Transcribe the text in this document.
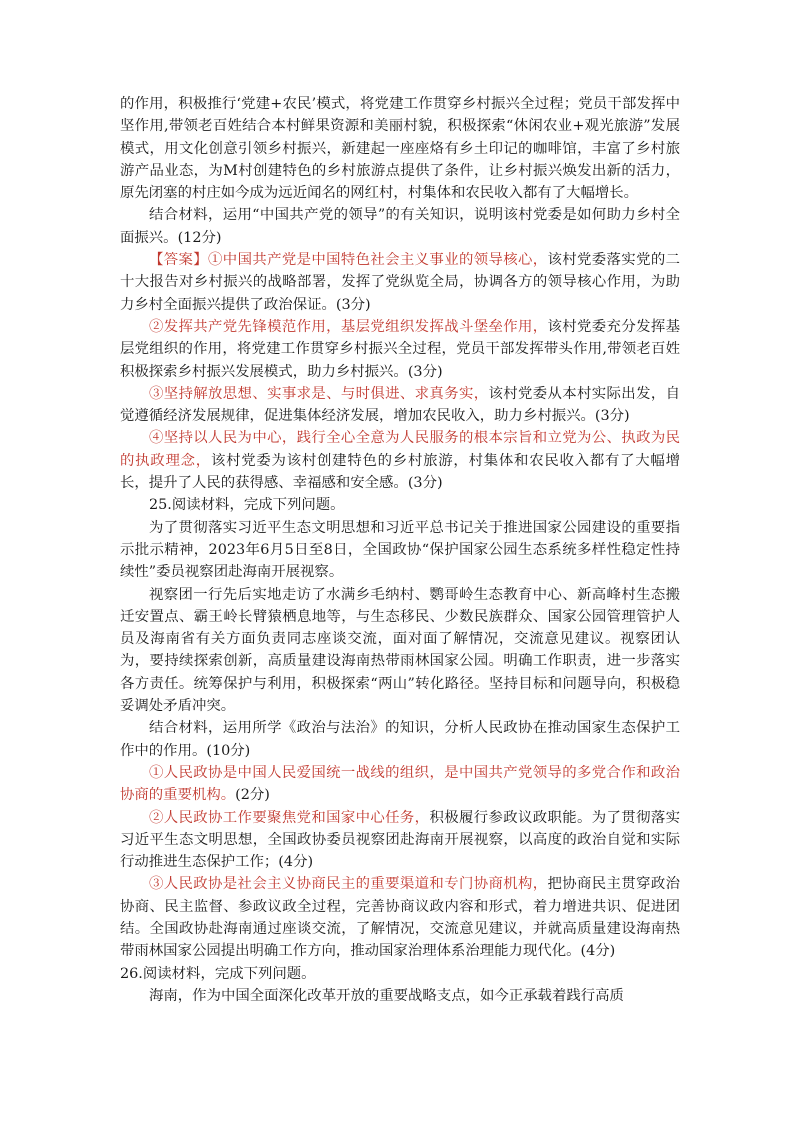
的作用，积极推行‘党建+农民’模式，将党建工作贯穿乡村振兴全过程；党员干部发挥中坚作用,带领老百姓结合本村鲜果资源和美丽村貌，积极探索“休闲农业+观光旅游”发展模式，用文化创意引领乡村振兴，新建起一座座烙有乡土印记的咖啡馆，丰富了乡村旅游产品业态，为M村创建特色的乡村旅游点提供了条件，让乡村振兴焕发出新的活力，原先闭塞的村庄如今成为远近闻名的网红村，村集体和农民收入都有了大幅增长。

结合材料，运用“中国共产党的领导”的有关知识，说明该村党委是如何助力乡村全面振兴。(12分)

【答案】①中国共产党是中国特色社会主义事业的领导核心，该村党委落实党的二十大报告对乡村振兴的战略部署，发挥了党纵览全局，协调各方的领导核心作用，为助力乡村全面振兴提供了政治保证。(3分)

②发挥共产党先锋模范作用，基层党组织发挥战斗堡垒作用，该村党委充分发挥基层党组织的作用，将党建工作贯穿乡村振兴全过程，党员干部发挥带头作用,带领老百姓积极探索乡村振兴发展模式，助力乡村振兴。(3分)

③坚持解放思想、实事求是、与时俱进、求真务实，该村党委从本村实际出发，自觉遵循经济发展规律，促进集体经济发展，增加农民收入，助力乡村振兴。(3分)

④坚持以人民为中心，践行全心全意为人民服务的根本宗旨和立党为公、执政为民的执政理念，该村党委为该村创建特色的乡村旅游，村集体和农民收入都有了大幅增长，提升了人民的获得感、幸福感和安全感。(3分)

25.阅读材料，完成下列问题。

为了贯彻落实习近平生态文明思想和习近平总书记关于推进国家公园建设的重要指示批示精神，2023年6月5日至8日，全国政协“保护国家公园生态系统多样性稳定性持续性”委员视察团赴海南开展视察。

视察团一行先后实地走访了水满乡毛纳村、鹦哥岭生态教育中心、新高峰村生态搬迁安置点、霸王岭长臂猿栖息地等，与生态移民、少数民族群众、国家公园管理管护人员及海南省有关方面负责同志座谈交流，面对面了解情况，交流意见建议。视察团认为，要持续探索创新，高质量建设海南热带雨林国家公园。明确工作职责，进一步落实各方责任。统筹保护与利用，积极探索“两山”转化路径。坚持目标和问题导向，积极稳妥调处矛盾冲突。

结合材料，运用所学《政治与法治》的知识，分析人民政协在推动国家生态保护工作中的作用。(10分)

①人民政协是中国人民爱国统一战线的组织，是中国共产党领导的多党合作和政治协商的重要机构。(2分)

②人民政协工作要聚焦党和国家中心任务，积极履行参政议政职能。为了贯彻落实习近平生态文明思想，全国政协委员视察团赴海南开展视察，以高度的政治自觉和实际行动推进生态保护工作；(4分)

③人民政协是社会主义协商民主的重要渠道和专门协商机构，把协商民主贯穿政治协商、民主监督、参政议政全过程，完善协商议政内容和形式，着力增进共识、促进团结。全国政协赴海南通过座谈交流，了解情况，交流意见建议，并就高质量建设海南热带雨林国家公园提出明确工作方向，推动国家治理体系治理能力现代化。(4分)

26.阅读材料，完成下列问题。

海南，作为中国全面深化改革开放的重要战略支点，如今正承载着践行高质
